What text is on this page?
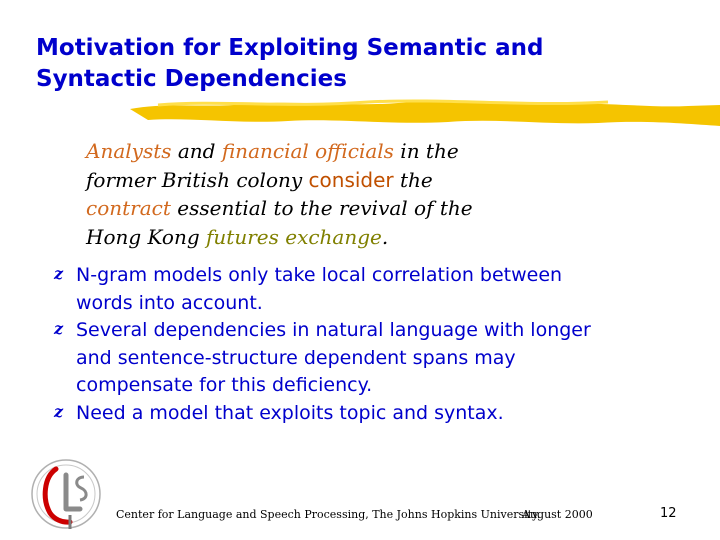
Motivation for Exploiting Semantic and
Syntactic Dependencies
Analysts and financial officials in the
former British colony consider the
contract essential to the revival of the
Hong Kong futures exchange.
z N-gram models only take local correlation between
words into account.
z Several dependencies in natural language with longer
and sentence-structure dependent spans may
compensate for this deficiency.
z Need a model that exploits topic and syntax.
Center for Language and Speech Processing, The Johns Hopkins University.
August 2000	12
